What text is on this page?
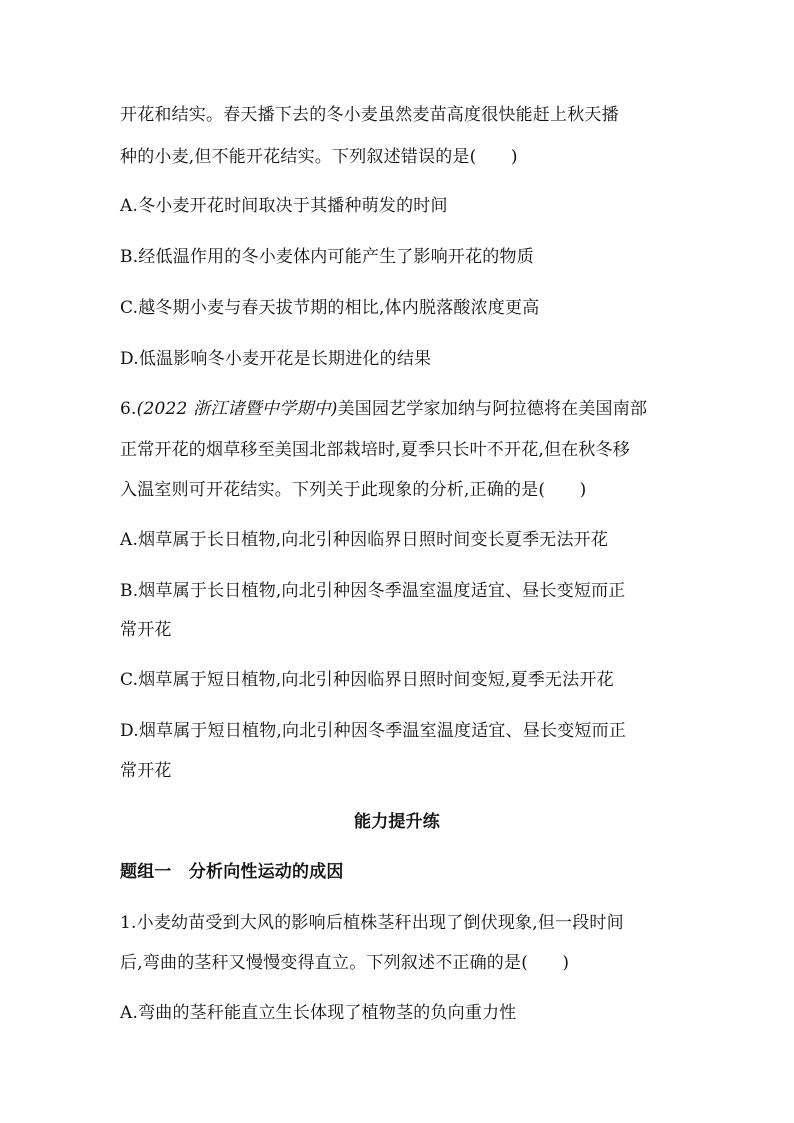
开花和结实。春天播下去的冬小麦虽然麦苗高度很快能赶上秋天播
种的小麦,但不能开花结实。下列叙述错误的是(　　)
A.冬小麦开花时间取决于其播种萌发的时间
B.经低温作用的冬小麦体内可能产生了影响开花的物质
C.越冬期小麦与春天拔节期的相比,体内脱落酸浓度更高
D.低温影响冬小麦开花是长期进化的结果
6.(2022 浙江诸暨中学期中)美国园艺学家加纳与阿拉德将在美国南部
正常开花的烟草移至美国北部栽培时,夏季只长叶不开花,但在秋冬移
入温室则可开花结实。下列关于此现象的分析,正确的是(　　)
A.烟草属于长日植物,向北引种因临界日照时间变长夏季无法开花
B.烟草属于长日植物,向北引种因冬季温室温度适宜、昼长变短而正
常开花
C.烟草属于短日植物,向北引种因临界日照时间变短,夏季无法开花
D.烟草属于短日植物,向北引种因冬季温室温度适宜、昼长变短而正
常开花
能力提升练
题组一　分析向性运动的成因
1.小麦幼苗受到大风的影响后植株茎秆出现了倒伏现象,但一段时间
后,弯曲的茎秆又慢慢变得直立。下列叙述不正确的是(　　)
A.弯曲的茎秆能直立生长体现了植物茎的负向重力性
